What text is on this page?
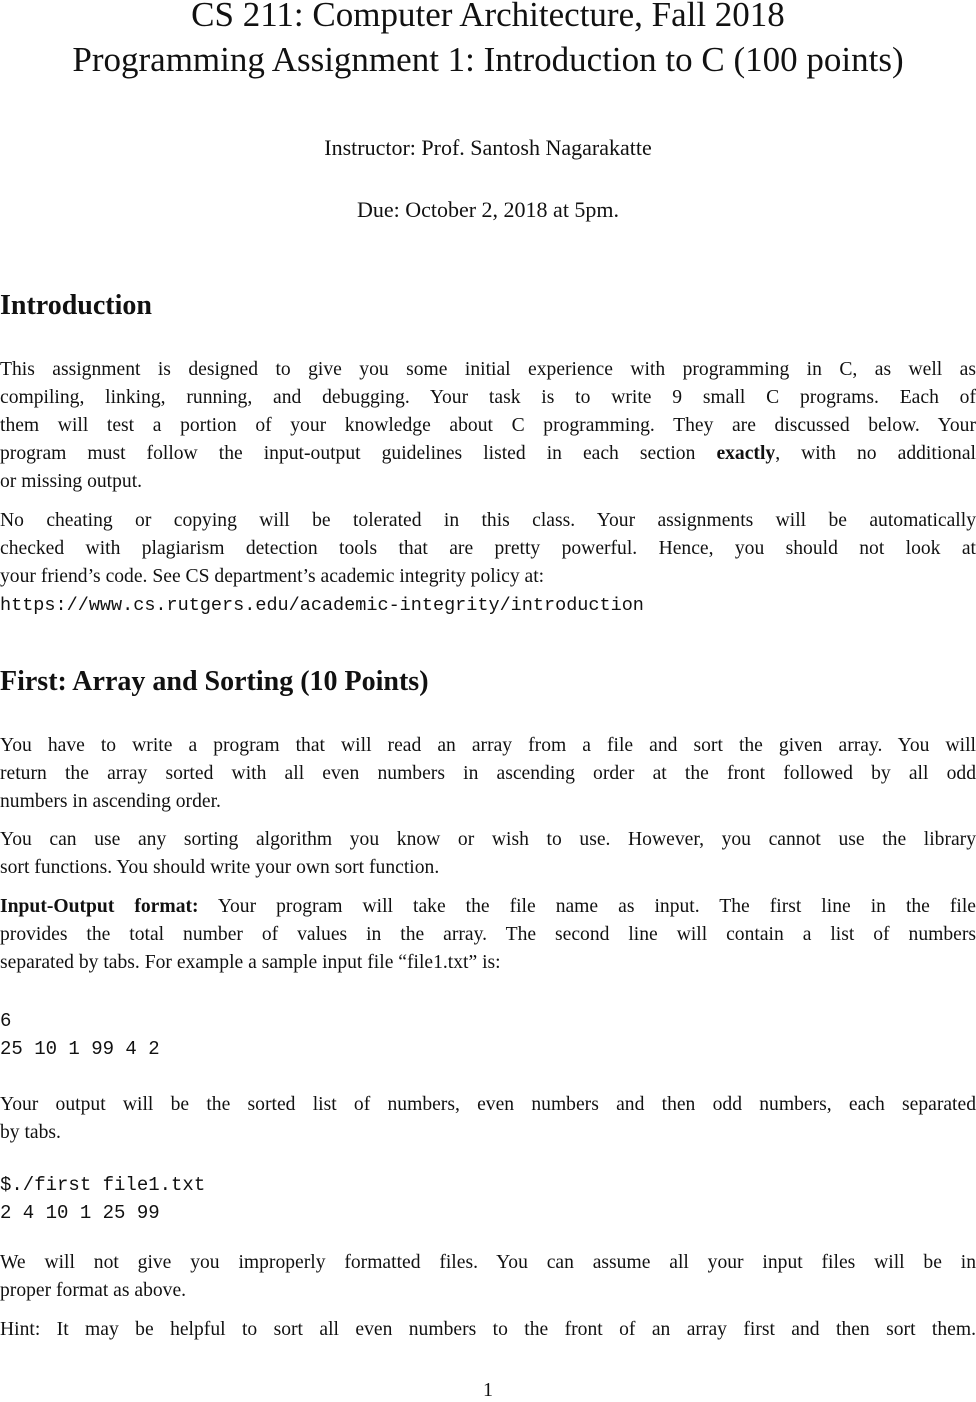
CS 211: Computer Architecture, Fall 2018
Programming Assignment 1: Introduction to C (100 points)
Instructor: Prof. Santosh Nagarakatte
Due: October 2, 2018 at 5pm.
Introduction
This assignment is designed to give you some initial experience with programming in C, as well as
compiling, linking, running, and debugging. Your task is to write 9 small C programs. Each of
them will test a portion of your knowledge about C programming. They are discussed below. Your
program must follow the input-output guidelines listed in each section exactly, with no additional
or missing output.
No cheating or copying will be tolerated in this class. Your assignments will be automatically
checked with plagiarism detection tools that are pretty powerful. Hence, you should not look at
your friend’s code. See CS department’s academic integrity policy at:
https://www.cs.rutgers.edu/academic-integrity/introduction
First: Array and Sorting (10 Points)
You have to write a program that will read an array from a file and sort the given array. You will
return the array sorted with all even numbers in ascending order at the front followed by all odd
numbers in ascending order.
You can use any sorting algorithm you know or wish to use. However, you cannot use the library
sort functions. You should write your own sort function.
Input-Output format: Your program will take the file name as input. The first line in the file
provides the total number of values in the array. The second line will contain a list of numbers
separated by tabs. For example a sample input file “file1.txt” is:
6
25 10 1 99 4 2
Your output will be the sorted list of numbers, even numbers and then odd numbers, each separated
by tabs.
$./first file1.txt
2 4 10 1 25 99
We will not give you improperly formatted files. You can assume all your input files will be in
proper format as above.
Hint: It may be helpful to sort all even numbers to the front of an array first and then sort them.
1
